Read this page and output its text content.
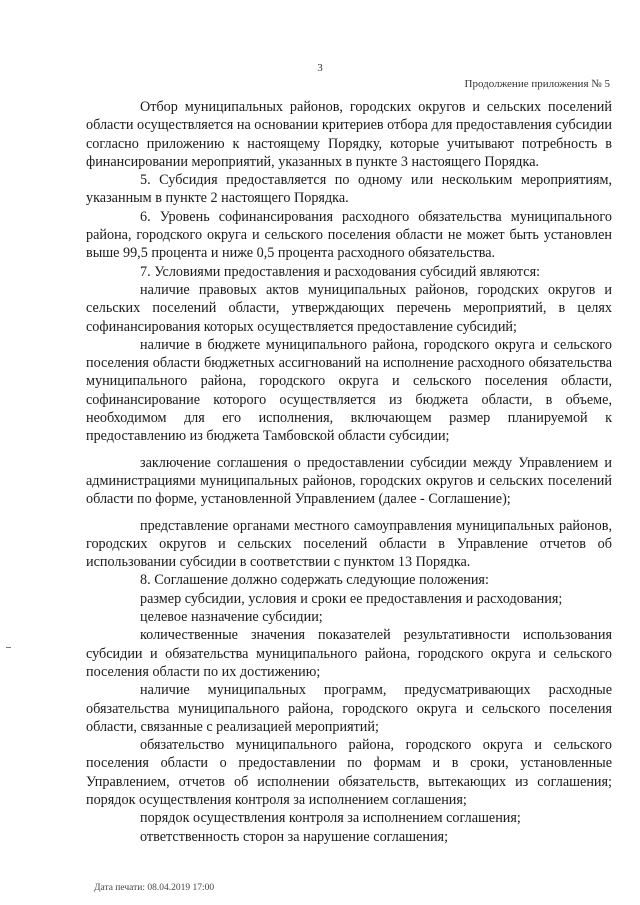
3
Продолжение приложения № 5

Отбор муниципальных районов, городских округов и сельских поселений области осуществляется на основании критериев отбора для предоставления субсидии согласно приложению к настоящему Порядку, которые учитывают потребность в финансировании мероприятий, указанных в пункте 3 настоящего Порядка.

5. Субсидия предоставляется по одному или нескольким мероприятиям, указанным в пункте 2 настоящего Порядка.

6. Уровень софинансирования расходного обязательства муниципального района, городского округа и сельского поселения области не может быть установлен выше 99,5 процента и ниже 0,5 процента расходного обязательства.

7. Условиями предоставления и расходования субсидий являются:

наличие правовых актов муниципальных районов, городских округов и сельских поселений области, утверждающих перечень мероприятий, в целях софинансирования которых осуществляется предоставление субсидий;

наличие в бюджете муниципального района, городского округа и сельского поселения области бюджетных ассигнований на исполнение расходного обязательства муниципального района, городского округа и сельского поселения области, софинансирование которого осуществляется из бюджета области, в объеме, необходимом для его исполнения, включающем размер планируемой к предоставлению из бюджета Тамбовской области субсидии;

заключение соглашения о предоставлении субсидии между Управлением и администрациями муниципальных районов, городских округов и сельских поселений области по форме, установленной Управлением (далее - Соглашение);

представление органами местного самоуправления муниципальных районов, городских округов и сельских поселений области в Управление отчетов об использовании субсидии в соответствии с пунктом 13 Порядка.

8. Соглашение должно содержать следующие положения:

размер субсидии, условия и сроки ее предоставления и расходования;

целевое назначение субсидии;

количественные значения показателей результативности использования субсидии и обязательства муниципального района, городского округа и сельского поселения области по их достижению;

наличие муниципальных программ, предусматривающих расходные обязательства муниципального района, городского округа и сельского поселения области, связанные с реализацией мероприятий;

обязательство муниципального района, городского округа и сельского поселения области о предоставлении по формам и в сроки, установленные Управлением, отчетов об исполнении обязательств, вытекающих из соглашения; порядок осуществления контроля за исполнением соглашения;

порядок осуществления контроля за исполнением соглашения;

ответственность сторон за нарушение соглашения;

Дата печати: 08.04.2019 17:00
